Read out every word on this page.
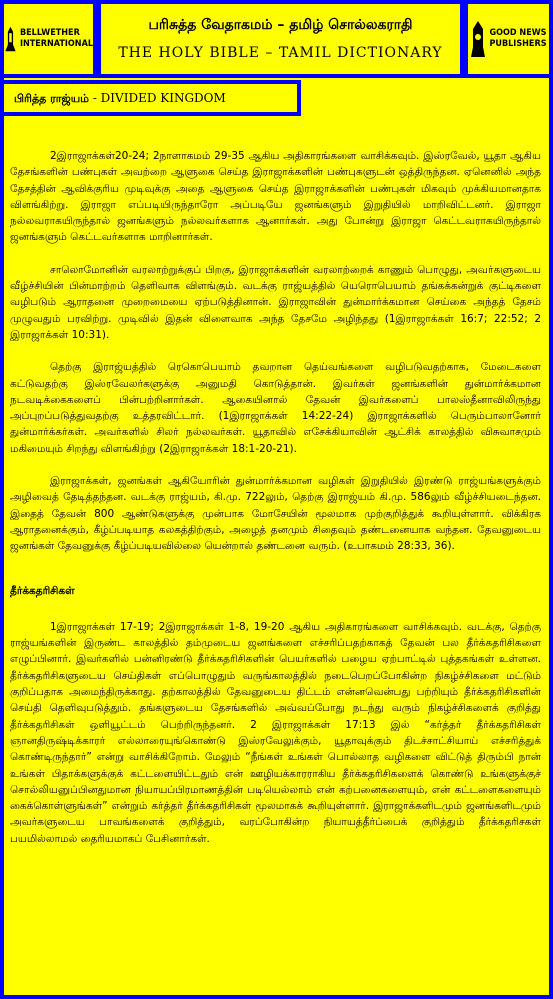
BELLWETHER
INTERNATIONAL
பரிசுத்த வேதாகமம் – தமிழ் சொல்லகராதி
THE HOLY BIBLE – TAMIL DICTIONARY
GOOD NEWS
PUBLISHERS
பிரித்த ராஜ்யம் - DIVIDED KINGDOM

2இராஜாக்கள்20-24; 2நாளாகமம் 29-35 ஆகிய அதிகாரங்களை வாசிக்கவும். இஸ்ரவேல், யூதா ஆகிய தேசங்களின் பண்புகள் அவற்றை ஆளுகை செய்த இராஜாக்களின் பண்புகளுடன் ஒத்திருந்தன. ஏனெனில் அந்த தேசத்தின் ஆவிக்குரிய முடிவுக்கு அதை ஆளுகை செய்த இராஜாக்களின் பண்புகள் மிகவும் முக்கியமானதாக விளங்கிற்று. இராஜா எப்படியிருந்தாரோ அப்படியே ஜனங்களும் இறுதியில் மாறிவிட்டனர். இராஜா நல்லவராகயிருந்தால் ஜனங்களும் நல்லவர்களாக ஆனார்கள். அது போன்று இராஜா கெட்டவராகயிருந்தால் ஜனங்களும் கெட்டவர்களாக மாறினார்கள்.

சாலொமோனின் வரலாற்றுக்குப் பிறகு, இராஜாக்களின் வரலாற்றைக் காணும் பொழுது, அவர்களுடைய வீழ்ச்சியின் பின்மாற்றம் தெளிவாக விளங்கும். வடக்கு ராஜ்யத்தில் யெரொபெயாம் தங்கக்கன்றுக் குட்டிகளை வழிபடும் ஆராதனை முறைமையை ஏற்படுத்தினான். இராஜாவின் துன்மார்க்கமான செய்கை அந்தத் தேசம் முழுவதும் பரவிற்று. முடிவில் இதன் விளைவாக அந்த தேசமே அழிந்தது (1இராஜாக்கள் 16:7; 22:52; 2 இராஜாக்கள் 10:31).

தெற்கு இராஜ்யத்தில் ரெகொபெயாம் தவறான தெய்வங்களை வழிபடுவதற்காக, மேடைகளை கட்டுவதற்கு இஸ்ரவேலர்களுக்கு அனுமதி கொடுத்தான். இவர்கள் ஜனங்களின் துன்மார்க்கமான நடவடிக்கைகளைப் பின்பற்றினார்கள். ஆகையினால் தேவன் இவர்களைப் பாலஸ்தீனாவிலிருந்து அப்புறப்படுத்துவதற்கு உத்தரவிட்டார். (1இராஜாக்கள் 14:22-24) இராஜாக்களில் பெரும்பாலானோர் துன்மார்க்கர்கள். அவர்களில் சிலர் நல்லவர்கள். யூதாவில் எசேக்கியாவின் ஆட்சிக் காலத்தில் விசுவாசமும் மகிமையும் சிறந்து விளங்கிற்று (2இராஜாக்கள் 18:1-20-21).

இராஜாக்கள், ஜனங்கள் ஆகியோரின் துன்மார்க்கமான வழிகள் இறுதியில் இரண்டு ராஜ்யங்களுக்கும் அழிவைத் தேடித்தந்தன. வடக்கு ராஜ்யம், கி.மு. 722லும், தெற்கு இராஜ்யம் கி.மு. 586லும் வீழ்ச்சியடைந்தன. இதைத் தேவன் 800 ஆண்டுகளுக்கு முன்பாக மோசேயின் மூலமாக முற்குறித்துக் கூறியுள்ளார். விக்கிரக ஆராதனைக்கும், கீழ்ப்படியாத கலகத்திற்கும், அழைத் தனமும் சிதைவும் தண்டனையாக வந்தன. தேவனுடைய ஜனங்கள் தேவனுக்கு கீழ்ப்படியவில்லை யென்றால் தண்டனை வரும். (உபாகமம் 28:33, 36).

தீர்க்கதரிசிகள்

1இராஜாக்கள் 17-19; 2இராஜாக்கள் 1-8, 19-20 ஆகிய அதிகாரங்களை வாசிக்கவும். வடக்கு, தெற்கு ராஜ்யங்களின் இருண்ட காலத்தில் தம்முடைய ஜனங்களை எச்சரிப்பதற்காகத் தேவன் பல தீர்க்கதரிசிகளை எழுப்பினார். இவர்களில் பன்னிரண்டு தீர்க்கதரிசிகளின் பெயர்களில் பழைய ஏற்பாட்டில் புத்தகங்கள் உள்ளன. தீர்க்கதரிசிகளுடைய செய்திகள் எப்பொழுதும் வருங்காலத்தில் நடைபெறப்போகின்ற நிகழ்ச்சிகளை மட்டும் குறிப்பதாக அமைந்திருக்காது. தற்காலத்தில் தேவனுடைய திட்டம் என்னவென்பது பற்றியும் தீர்க்கதரிசிகளின் செய்தி தெளிவுபடுத்தும். தங்களுடைய தேசங்களில் அவ்வப்போது நடந்து வரும் நிகழ்ச்சிகளைக் குறித்து தீர்க்கதரிசிகள் ஒளியூட்டம் பெற்றிருந்தனர். 2 இராஜாக்கள் 17:13 இல் “கர்த்தர் தீர்க்கதரிசிகள் ஞானதிருஷ்டிக்காரர் எல்லாரையுங்கொண்டு இஸ்ரவேலுக்கும், யூதாவுக்கும் திடச்சாட்சியாய் எச்சரித்துக் கொண்டிருந்தார்” என்று வாசிக்கிறோம். மேலும் “நீங்கள் உங்கள் பொல்லாத வழிகளை விட்டுத் திரும்பி நான் உங்கள் பிதாக்களுக்குக் கட்டளையிட்டதும் என் ஊழியக்காரராகிய தீர்க்கதரிசிகளைக் கொண்டு உங்களுக்குச் சொல்லியனுப்பினதுமான நியாயப்பிரமாணத்தின் படியெல்லாம் என் கற்பனைகளையும், என் கட்டளைகளையும் கைக்கொள்ளுங்கள்” என்றும் கர்த்தர் தீர்க்கதரிசிகள் மூலமாகக் கூறியுள்ளார். இராஜாக்களிடமும் ஜனங்களிடமும் அவர்களுடைய பாவங்களைக் குறித்தும், வரப்போகின்ற நியாயத்தீர்ப்பைக் குறித்தும் தீர்க்கதரிசகள் பயமில்லாமல் தைரியமாகப் பேசினார்கள்.
